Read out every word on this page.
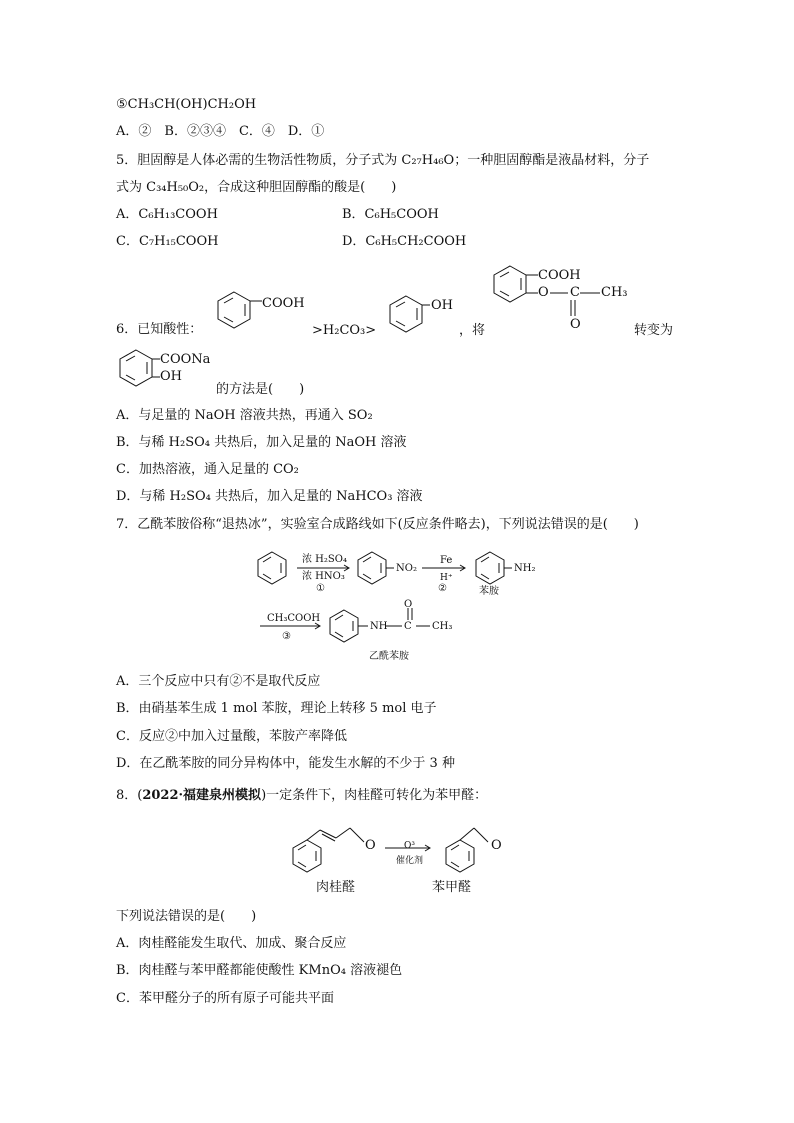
⑤CH₃CH(OH)CH₂OH
A．②　B．②③④　C．④　D．①
5．胆固醇是人体必需的生物活性物质，分子式为 C₂₇H₄₆O；一种胆固醇酯是液晶材料，分子
式为 C₃₄H₅₀O₂，合成这种胆固醇酯的酸是(　　)
A．C₆H₁₃COOH	B．C₆H₅COOH
C．C₇H₁₅COOH	D．C₆H₅CH₂COOH
6．已知酸性：
COOH
>H₂CO₃>
OH
，将
COOH
O C CH₃
O	转变为
COONa
OH
的方法是(　　)
A．与足量的 NaOH 溶液共热，再通入 SO₂
B．与稀 H₂SO₄ 共热后，加入足量的 NaOH 溶液
C．加热溶液，通入足量的 CO₂
D．与稀 H₂SO₄ 共热后，加入足量的 NaHCO₃ 溶液
7．乙酰苯胺俗称“退热冰”，实验室合成路线如下(反应条件略去)，下列说法错误的是(　　)
浓 H₂SO₄
浓 HNO₃
①
NO₂
Fe
H⁺
②
NH₂
苯胺
CH₃COOH
③
NH C
O
CH₃
乙酰苯胺
A．三个反应中只有②不是取代反应
B．由硝基苯生成 1 mol 苯胺，理论上转移 5 mol 电子
C．反应②中加入过量酸，苯胺产率降低
D．在乙酰苯胺的同分异构体中，能发生水解的不少于 3 种
8．(2022·福建泉州模拟)一定条件下，肉桂醛可转化为苯甲醛：
O	O³
催化剂
O
肉桂醛	苯甲醛
下列说法错误的是(　　)
A．肉桂醛能发生取代、加成、聚合反应
B．肉桂醛与苯甲醛都能使酸性 KMnO₄ 溶液褪色
C．苯甲醛分子的所有原子可能共平面
